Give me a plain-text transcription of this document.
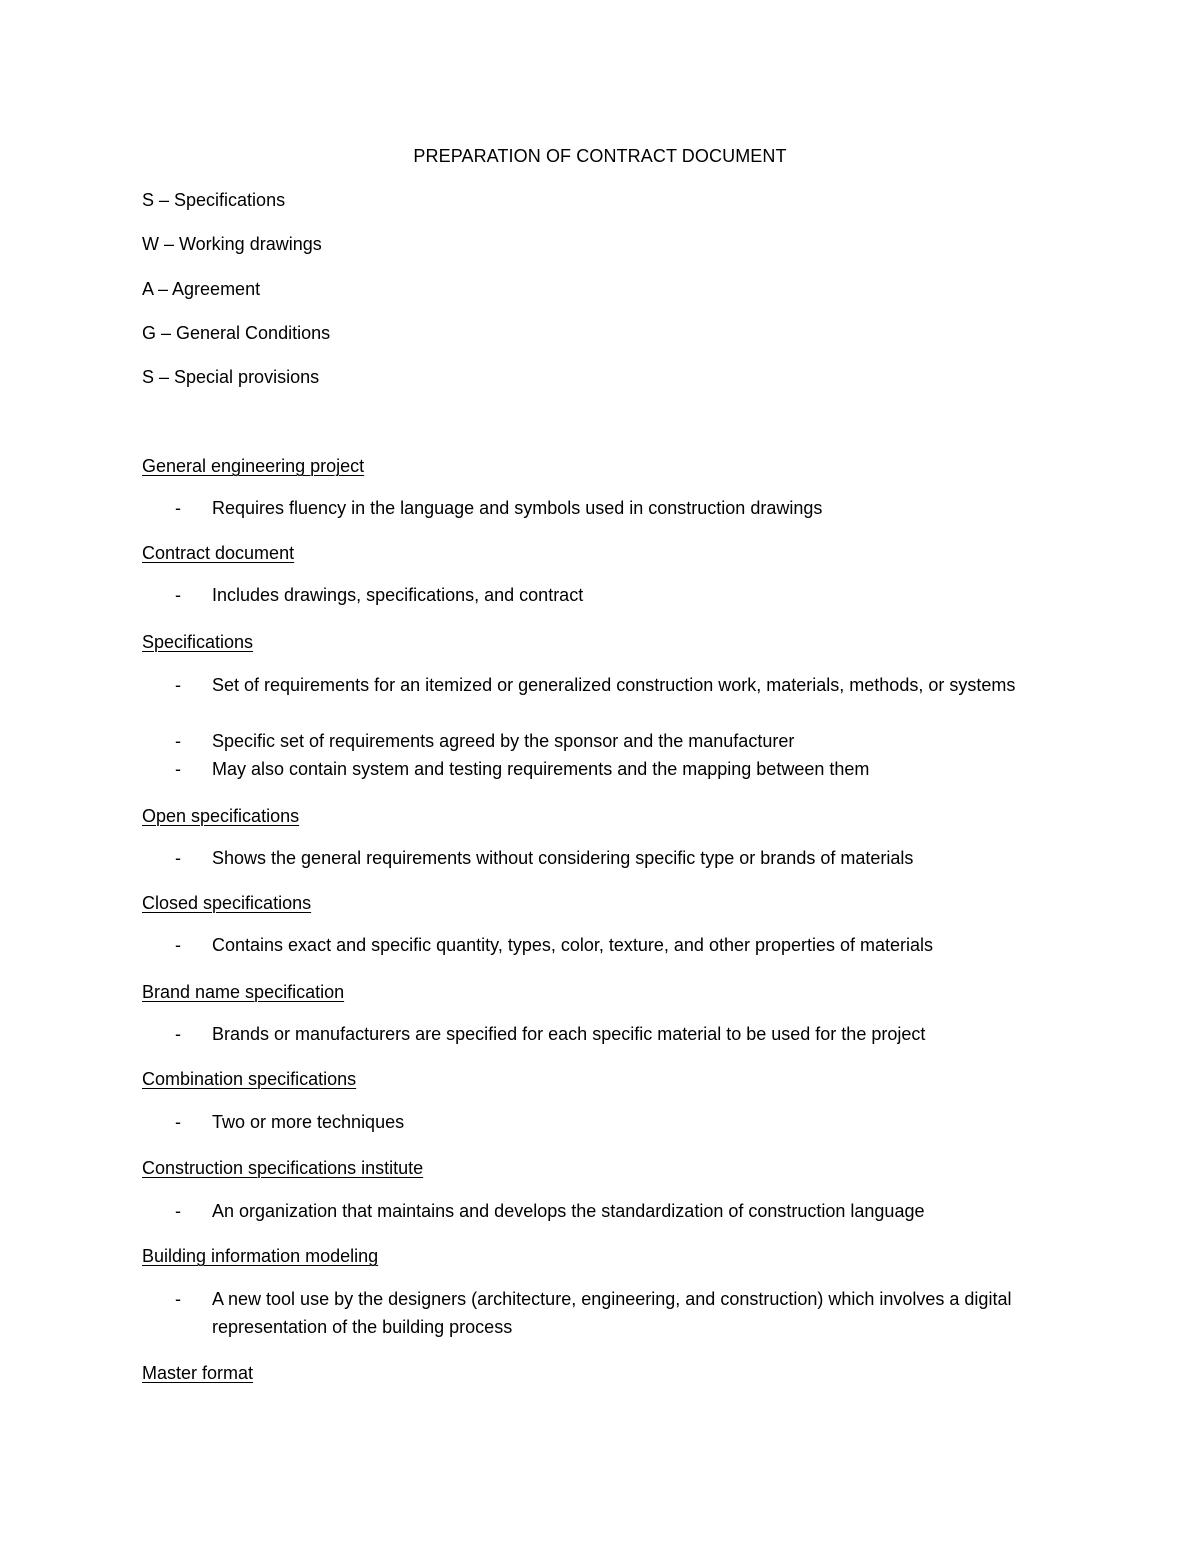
PREPARATION OF CONTRACT DOCUMENT
S – Specifications
W – Working drawings
A – Agreement
G – General Conditions
S – Special provisions
General engineering project
- Requires fluency in the language and symbols used in construction drawings
Contract document
- Includes drawings, specifications, and contract
Specifications
- Set of requirements for an itemized or generalized construction work, materials, methods, or systems
- Specific set of requirements agreed by the sponsor and the manufacturer
- May also contain system and testing requirements and the mapping between them
Open specifications
- Shows the general requirements without considering specific type or brands of materials
Closed specifications
- Contains exact and specific quantity, types, color, texture, and other properties of materials
Brand name specification
- Brands or manufacturers are specified for each specific material to be used for the project
Combination specifications
- Two or more techniques
Construction specifications institute
- An organization that maintains and develops the standardization of construction language
Building information modeling
- A new tool use by the designers (architecture, engineering, and construction) which involves a digital representation of the building process
Master format
